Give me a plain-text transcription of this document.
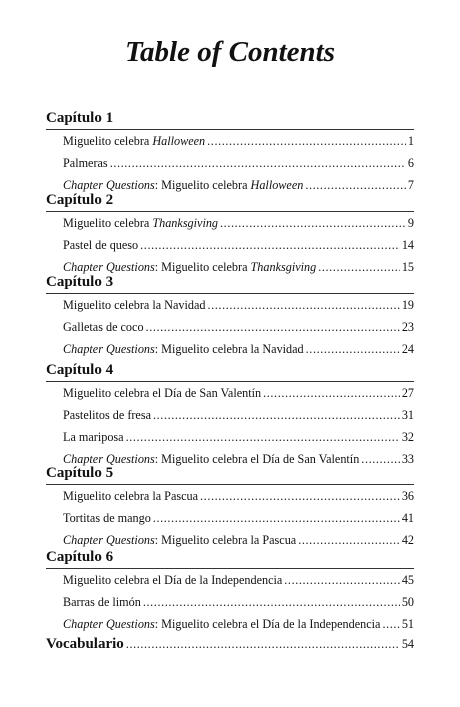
Table of Contents
Capítulo 1
Miguelito celebra Halloween .....	1
Palmeras .....	6
Chapter Questions: Miguelito celebra Halloween .....	7
Capítulo 2
Miguelito celebra Thanksgiving .....	9
Pastel de queso .....	14
Chapter Questions: Miguelito celebra Thanksgiving .....	15
Capítulo 3
Miguelito celebra la Navidad .....	19
Galletas de coco .....	23
Chapter Questions: Miguelito celebra la Navidad .....	24
Capítulo 4
Miguelito celebra el Día de San Valentín .....	27
Pastelitos de fresa .....	31
La mariposa .....	32
Chapter Questions: Miguelito celebra el Día de San Valentín .....	33
Capítulo 5
Miguelito celebra la Pascua .....	36
Tortitas de mango .....	41
Chapter Questions: Miguelito celebra la Pascua .....	42
Capítulo 6
Miguelito celebra el Día de la Independencia .....	45
Barras de limón .....	50
Chapter Questions: Miguelito celebra el Día de la Independencia ..... 51
Vocabulario .....	54
